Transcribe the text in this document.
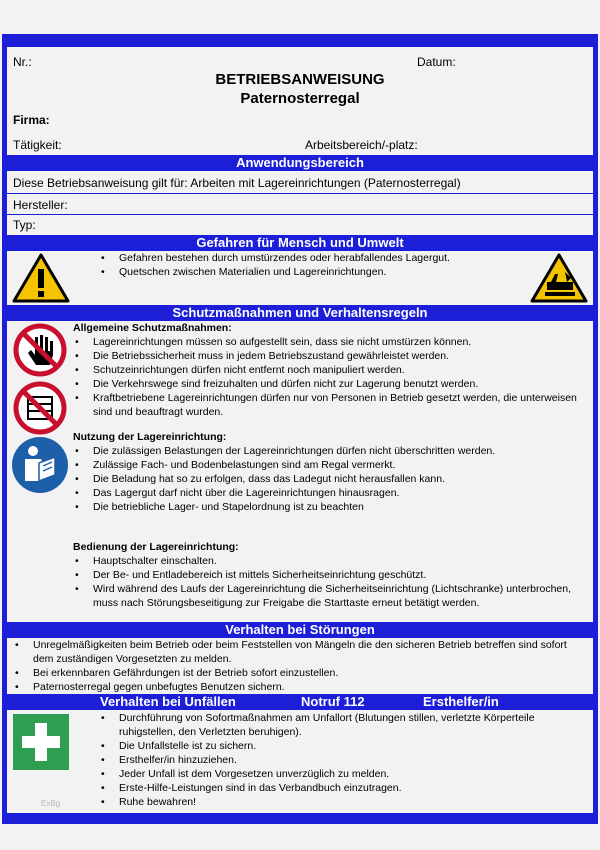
Nr.:	Datum:
BETRIEBSANWEISUNG
Paternosterregal
Firma:
Tätigkeit:	Arbeitsbereich/-platz:
Anwendungsbereich
Diese Betriebsanweisung gilt für: Arbeiten mit Lagereinrichtungen (Paternosterregal)
Hersteller:
Typ:
Gefahren für Mensch und Umwelt
• Gefahren bestehen durch umstürzendes oder herabfallendes Lagergut.
• Quetschen zwischen Materialien und Lagereinrichtungen.
Schutzmaßnahmen und Verhaltensregeln
Allgemeine Schutzmaßnahmen:
• Lagereinrichtungen müssen so aufgestellt sein, dass sie nicht umstürzen können.
• Die Betriebssicherheit muss in jedem Betriebszustand gewährleistet werden.
• Schutzeinrichtungen dürfen nicht entfernt noch manipuliert werden.
• Die Verkehrswege sind freizuhalten und dürfen nicht zur Lagerung benutzt werden.
• Kraftbetriebene Lagereinrichtungen dürfen nur von Personen in Betrieb gesetzt werden, die unterweisen sind und beauftragt wurden.
Nutzung der Lagereinrichtung:
• Die zulässigen Belastungen der Lagereinrichtungen dürfen nicht überschritten werden.
• Zulässige Fach- und Bodenbelastungen sind am Regal vermerkt.
• Die Beladung hat so zu erfolgen, dass das Ladegut nicht herausfallen kann.
• Das Lagergut darf nicht über die Lagereinrichtungen hinausragen.
• Die betriebliche Lager- und Stapelordnung ist zu beachten
Bedienung der Lagereinrichtung:
• Hauptschalter einschalten.
• Der Be- und Entladebereich ist mittels Sicherheitseinrichtung geschützt.
• Wird während des Laufs der Lagereinrichtung die Sicherheitseinrichtung (Lichtschranke) unterbrochen, muss nach Störungsbeseitigung zur Freigabe die Starttaste erneut betätigt werden.
Verhalten bei Störungen
• Unregelmäßigkeiten beim Betrieb oder beim Feststellen von Mängeln die den sicheren Betrieb betreffen sind sofort dem zuständigen Vorgesetzten zu melden.
• Bei erkennbaren Gefährdungen ist der Betrieb sofort einzustellen.
• Paternosterregal gegen unbefugtes Benutzen sichern.
Verhalten bei Unfällen	Notruf 112	Ersthelfer/in
• Durchführung von Sofortmaßnahmen am Unfallort (Blutungen stillen, verletzte Körperteile ruhigstellen, den Verletzten beruhigen).
• Die Unfallstelle ist zu sichern.
• Ersthelfer/in hinzuziehen.
• Jeder Unfall ist dem Vorgesetzen unverzüglich zu melden.
• Erste-Hilfe-Leistungen sind in das Verbandbuch einzutragen.
• Ruhe bewahren!
ExBg
